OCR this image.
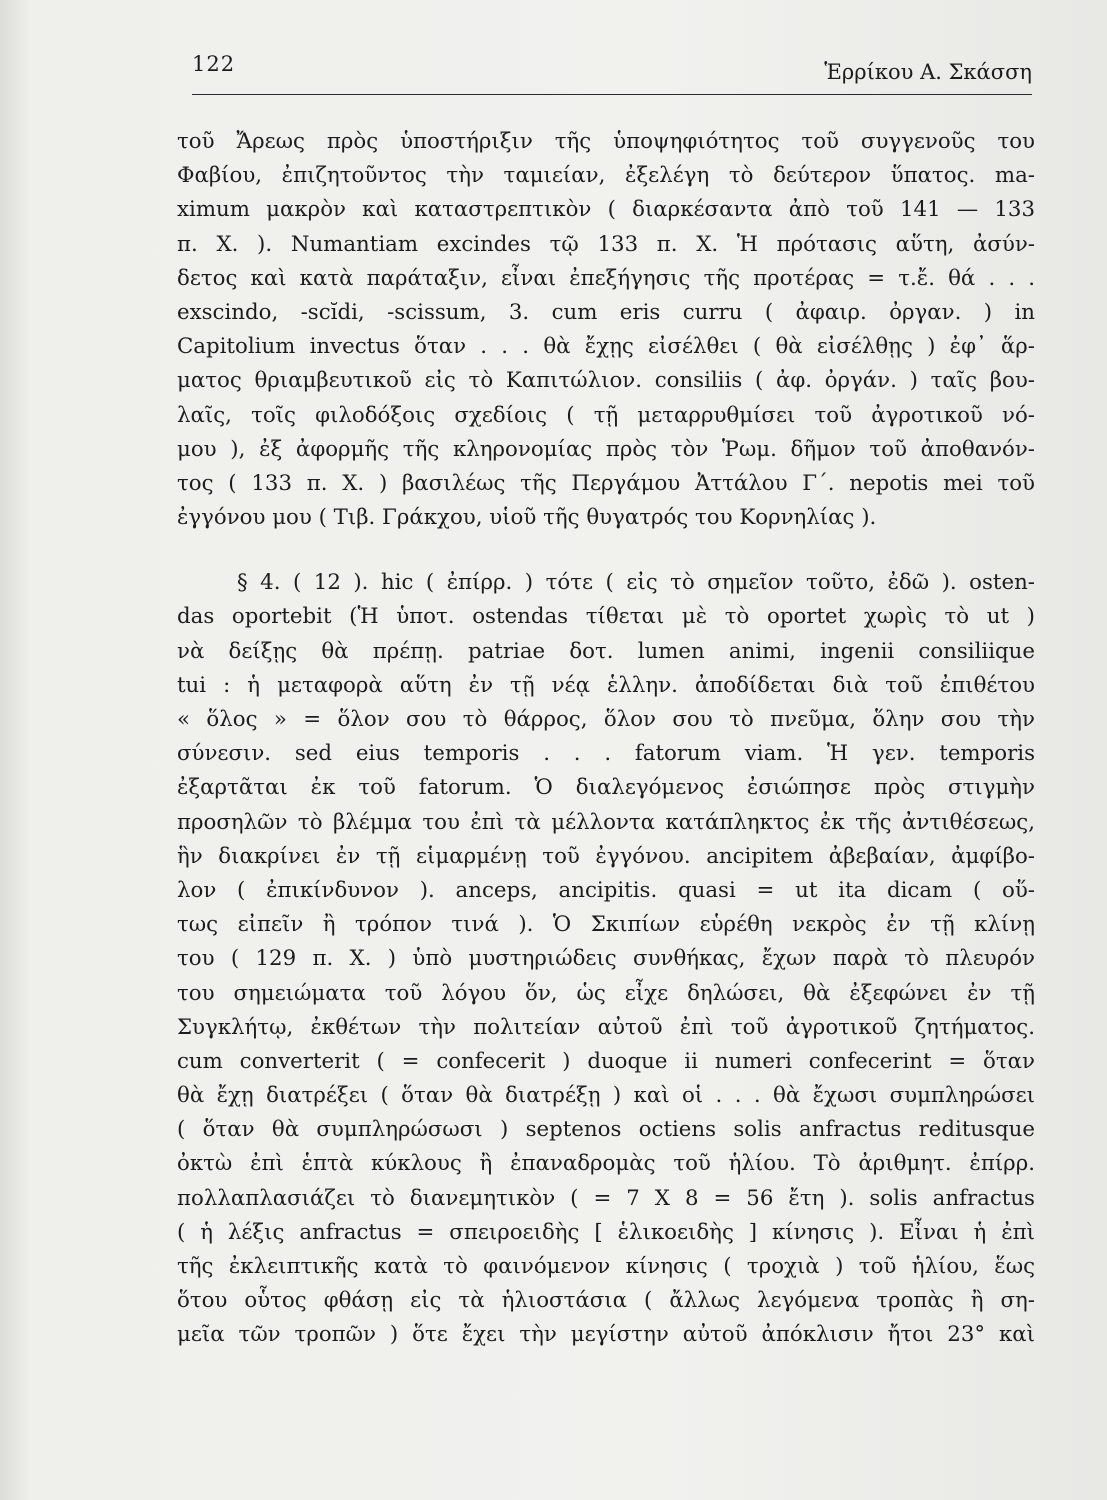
122	Ἑρρίκου Α. Σκάσση
τοῦ Ἄρεως πρὸς ὑποστήριξιν τῆς ὑποψηφιότητος τοῦ συγγενοῦς του
Φαβίου, ἐπιζητοῦντος τὴν ταμιείαν, ἐξελέγη τὸ δεύτερον ὕπατος. ma-
ximum μακρὸν καὶ καταστρεπτικὸν ( διαρκέσαντα ἀπὸ τοῦ 141 — 133
π. Χ. ). Numantiam excindes τῷ 133 π. Χ. Ἡ πρότασις αὕτη, ἀσύν-
δετος καὶ κατὰ παράταξιν, εἶναι ἐπεξήγησις τῆς προτέρας = τ.ἔ. θά . . .
exscindo, -scĭdi, -scissum, 3. cum eris curru ( ἀφαιρ. ὀργαν. ) in
Capitolium invectus ὅταν . . . θὰ ἔχῃς εἰσέλθει ( θὰ εἰσέλθῃς ) ἐφ᾽ ἅρ-
ματος θριαμβευτικοῦ εἰς τὸ Καπιτώλιον. consiliis ( ἀφ. ὀργάν. ) ταῖς βου-
λαῖς, τοῖς φιλοδόξοις σχεδίοις ( τῇ μεταρρυθμίσει τοῦ ἀγροτικοῦ νό-
μου ), ἐξ ἀφορμῆς τῆς κληρονομίας πρὸς τὸν Ῥωμ. δῆμον τοῦ ἀποθανόν-
τος ( 133 π. Χ. ) βασιλέως τῆς Περγάμου Ἀττάλου Γ΄. nepotis mei τοῦ
ἐγγόνου μου ( Τιβ. Γράκχου, υἱοῦ τῆς θυγατρός του Κορνηλίας ).
§ 4. ( 12 ). hic ( ἐπίρρ. ) τότε ( εἰς τὸ σημεῖον τοῦτο, ἐδῶ ). osten-
das oportebit (Ἡ ὑποτ. ostendas τίθεται μὲ τὸ oportet χωρὶς τὸ ut )
νὰ δείξῃς θὰ πρέπῃ. patriae δοτ. lumen animi, ingenii consiliique
tui : ἡ μεταφορὰ αὕτη ἐν τῇ νέᾳ ἑλλην. ἀποδίδεται διὰ τοῦ ἐπιθέτου
« ὅλος » = ὅλον σου τὸ θάρρος, ὅλον σου τὸ πνεῦμα, ὅλην σου τὴν
σύνεσιν. sed eius temporis . . . fatorum viam. Ἡ γεν. temporis
ἐξαρτᾶται ἐκ τοῦ fatorum. Ὁ διαλεγόμενος ἐσιώπησε πρὸς στιγμὴν
προσηλῶν τὸ βλέμμα του ἐπὶ τὰ μέλλοντα κατάπληκτος ἐκ τῆς ἀντιθέσεως,
ἣν διακρίνει ἐν τῇ εἱμαρμένῃ τοῦ ἐγγόνου. ancipitem ἀβεβαίαν, ἀμφίβο-
λον ( ἐπικίνδυνον ). anceps, ancipitis. quasi = ut ita dicam ( οὕ-
τως εἰπεῖν ἢ τρόπον τινά ). Ὁ Σκιπίων εὑρέθη νεκρὸς ἐν τῇ κλίνῃ
του ( 129 π. Χ. ) ὑπὸ μυστηριώδεις συνθήκας, ἔχων παρὰ τὸ πλευρόν
του σημειώματα τοῦ λόγου ὅν, ὡς εἶχε δηλώσει, θὰ ἐξεφώνει ἐν τῇ
Συγκλήτῳ, ἐκθέτων τὴν πολιτείαν αὐτοῦ ἐπὶ τοῦ ἀγροτικοῦ ζητήματος.
cum converterit ( = confecerit ) duoque ii numeri confecerint = ὅταν
θὰ ἔχῃ διατρέξει ( ὅταν θὰ διατρέξῃ ) καὶ οἱ . . . θὰ ἔχωσι συμπληρώσει
( ὅταν θὰ συμπληρώσωσι ) septenos octiens solis anfractus reditusque
ὀκτὼ ἐπὶ ἑπτὰ κύκλους ἢ ἐπαναδρομὰς τοῦ ἡλίου. Τὸ ἀριθμητ. ἐπίρρ.
πολλαπλασιάζει τὸ διανεμητικὸν ( = 7 Χ 8 = 56 ἔτη ). solis anfractus
( ἡ λέξις anfractus = σπειροειδὴς [ ἑλικοειδὴς ] κίνησις ). Εἶναι ἡ ἐπὶ
τῆς ἐκλειπτικῆς κατὰ τὸ φαινόμενον κίνησις ( τροχιὰ ) τοῦ ἡλίου, ἕως
ὅτου οὗτος φθάσῃ εἰς τὰ ἡλιοστάσια ( ἄλλως λεγόμενα τροπὰς ἢ ση-
μεῖα τῶν τροπῶν ) ὅτε ἔχει τὴν μεγίστην αὐτοῦ ἀπόκλισιν ἤτοι 23° καὶ
